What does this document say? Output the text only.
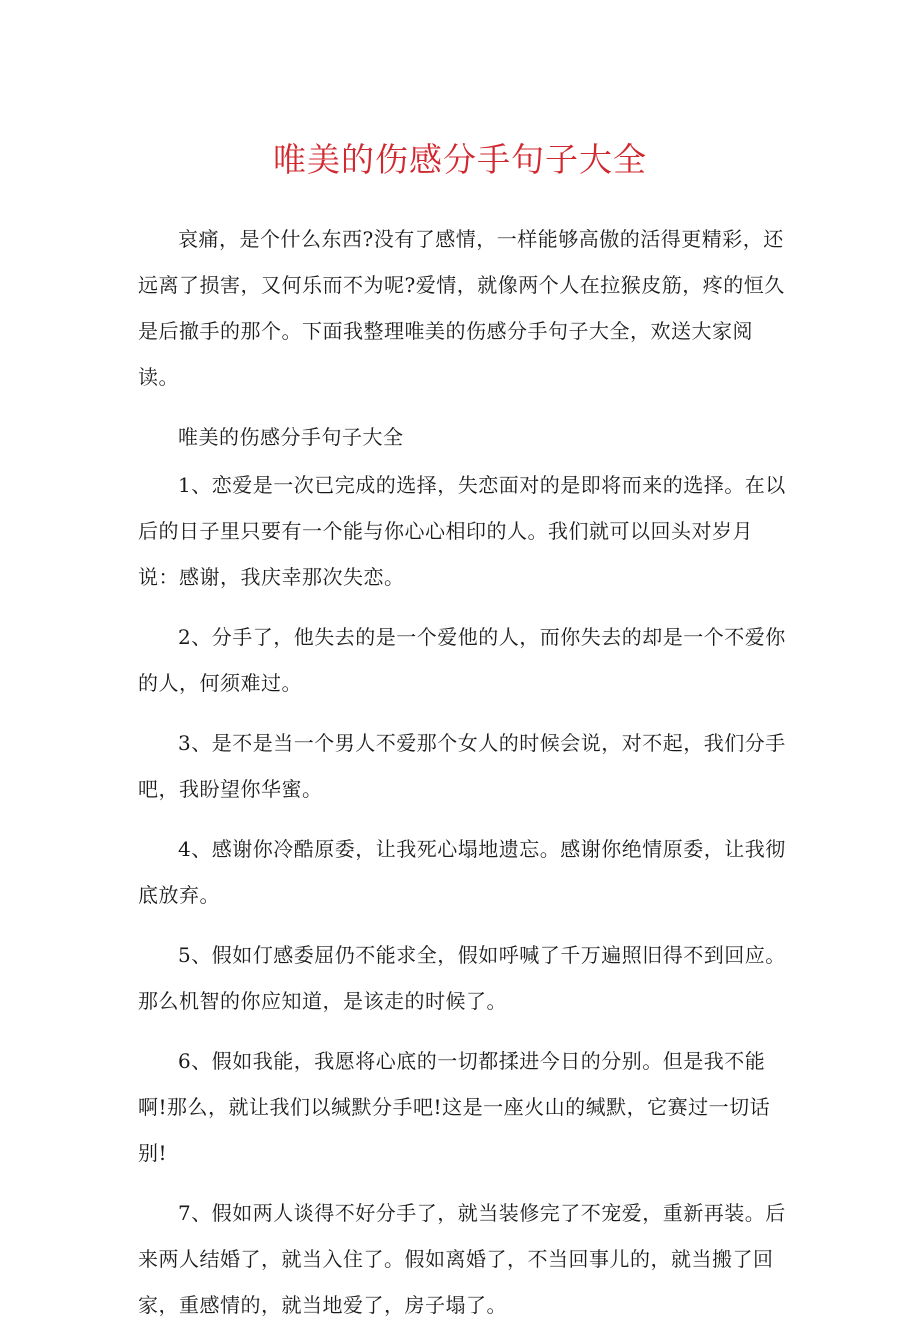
唯美的伤感分手句子大全

哀痛，是个什么东西?没有了感情，一样能够高傲的活得更精彩，还远离了损害，又何乐而不为呢?爱情，就像两个人在拉猴皮筋，疼的恒久是后撤手的那个。下面我整理唯美的伤感分手句子大全，欢送大家阅读。

唯美的伤感分手句子大全

1、恋爱是一次已完成的选择，失恋面对的是即将而来的选择。在以后的日子里只要有一个能与你心心相印的人。我们就可以回头对岁月说：感谢，我庆幸那次失恋。

2、分手了，他失去的是一个爱他的人，而你失去的却是一个不爱你的人，何须难过。

3、是不是当一个男人不爱那个女人的时候会说，对不起，我们分手吧，我盼望你华蜜。

4、感谢你冷酷原委，让我死心塌地遗忘。感谢你绝情原委，让我彻底放弃。

5、假如仃感委屈仍不能求全，假如呼喊了千万遍照旧得不到回应。那么机智的你应知道，是该走的时候了。

6、假如我能，我愿将心底的一切都揉进今日的分别。但是我不能啊!那么，就让我们以缄默分手吧!这是一座火山的缄默，它赛过一切话别!

7、假如两人谈得不好分手了，就当装修完了不宠爱，重新再装。后来两人结婚了，就当入住了。假如离婚了，不当回事儿的，就当搬了回家，重感情的，就当地爱了，房子塌了。
